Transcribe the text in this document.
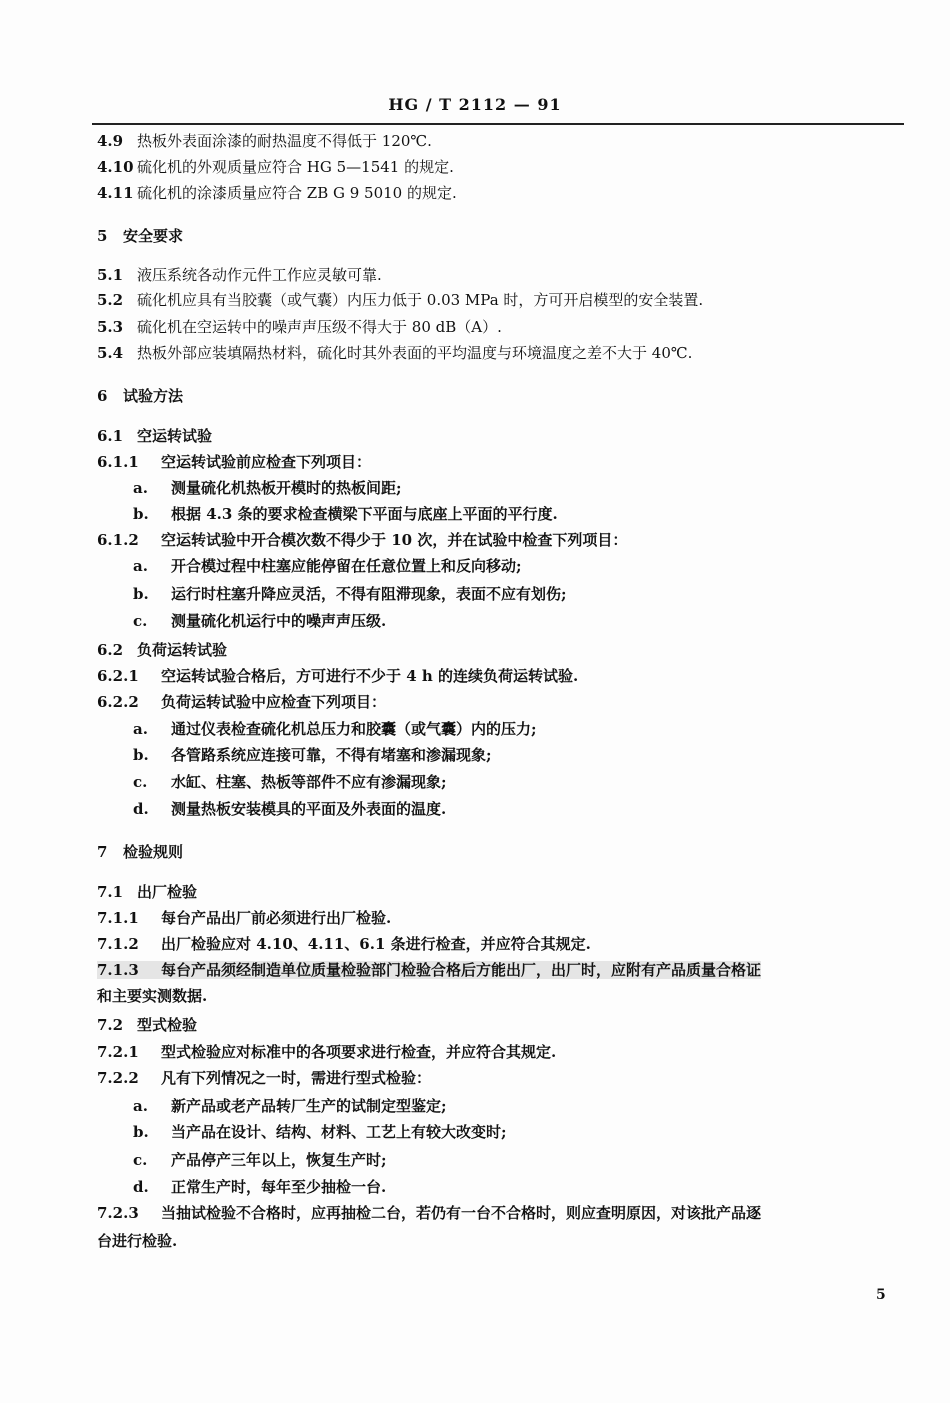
HG / T 2112 — 91
4.9 热板外表面涂漆的耐热温度不得低于 120℃.
4.10 硫化机的外观质量应符合 HG 5—1541 的规定.
4.11 硫化机的涂漆质量应符合 ZB G 9 5010 的规定.
5 安全要求
5.1 液压系统各动作元件工作应灵敏可靠.
5.2 硫化机应具有当胶囊（或气囊）内压力低于 0.03 MPa 时，方可开启模型的安全装置.
5.3 硫化机在空运转中的噪声声压级不得大于 80 dB（A）.
5.4 热板外部应装填隔热材料，硫化时其外表面的平均温度与环境温度之差不大于 40℃.
6 试验方法
6.1 空运转试验
6.1.1 空运转试验前应检查下列项目：
a. 测量硫化机热板开模时的热板间距;
b. 根据 4.3 条的要求检查横梁下平面与底座上平面的平行度.
6.1.2 空运转试验中开合模次数不得少于 10 次，并在试验中检查下列项目：
a. 开合模过程中柱塞应能停留在任意位置上和反向移动;
b. 运行时柱塞升降应灵活，不得有阻滞现象，表面不应有划伤;
c. 测量硫化机运行中的噪声声压级.
6.2 负荷运转试验
6.2.1 空运转试验合格后，方可进行不少于 4 h 的连续负荷运转试验.
6.2.2 负荷运转试验中应检查下列项目：
a. 通过仪表检查硫化机总压力和胶囊（或气囊）内的压力;
b. 各管路系统应连接可靠，不得有堵塞和渗漏现象;
c. 水缸、柱塞、热板等部件不应有渗漏现象;
d. 测量热板安装模具的平面及外表面的温度.
7 检验规则
7.1 出厂检验
7.1.1 每台产品出厂前必须进行出厂检验.
7.1.2 出厂检验应对 4.10、4.11、6.1 条进行检查，并应符合其规定.
7.1.3 每台产品须经制造单位质量检验部门检验合格后方能出厂，出厂时，应附有产品质量合格证
和主要实测数据.
7.2 型式检验
7.2.1 型式检验应对标准中的各项要求进行检查，并应符合其规定.
7.2.2 凡有下列情况之一时，需进行型式检验：
a. 新产品或老产品转厂生产的试制定型鉴定;
b. 当产品在设计、结构、材料、工艺上有较大改变时;
c. 产品停产三年以上，恢复生产时;
d. 正常生产时，每年至少抽检一台.
7.2.3 当抽试检验不合格时，应再抽检二台，若仍有一台不合格时，则应查明原因，对该批产品逐
台进行检验.
5
